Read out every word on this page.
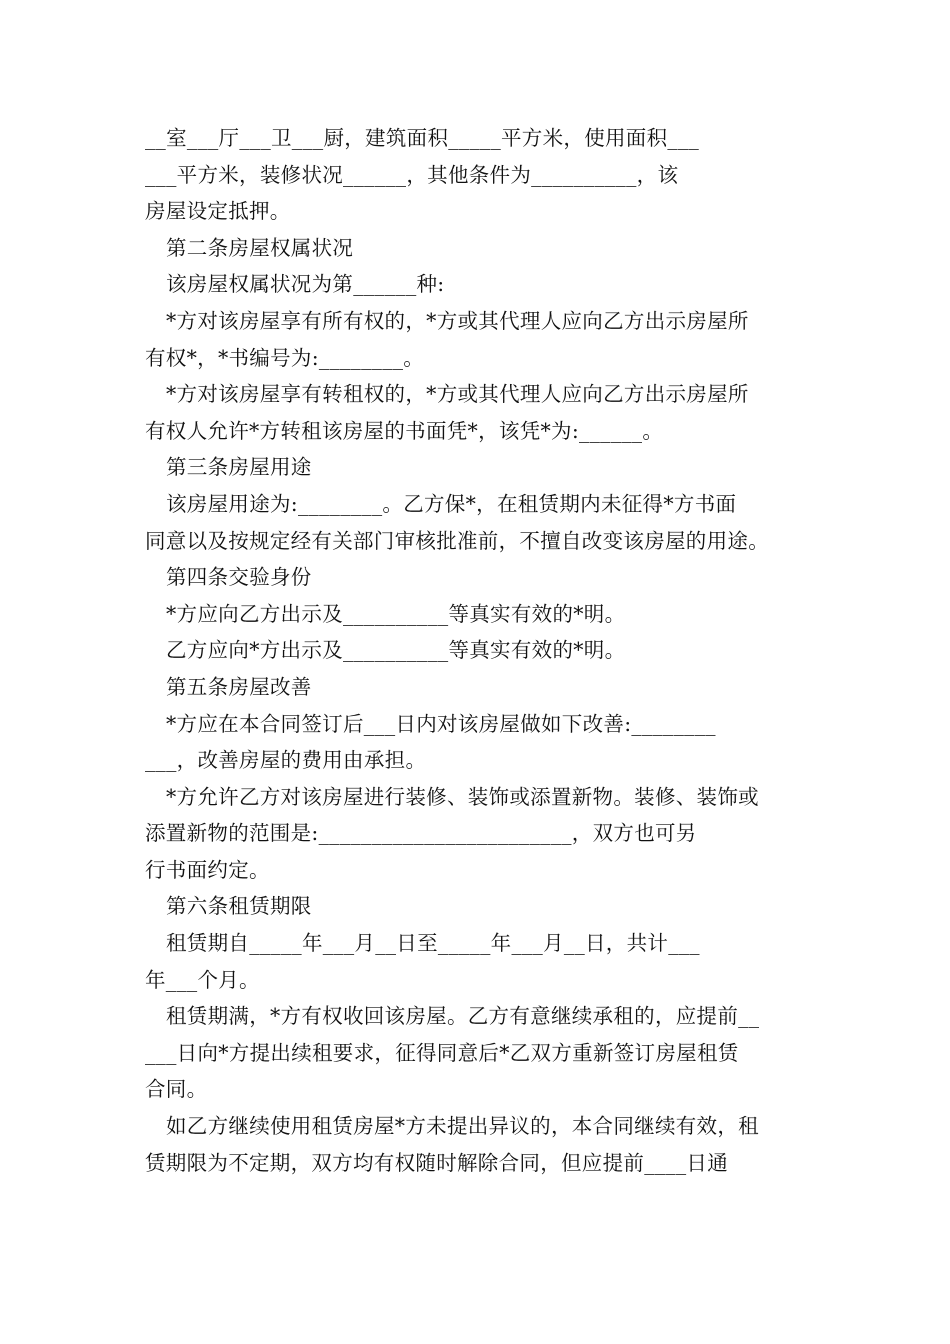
__室___厅___卫___厨，建筑面积_____平方米，使用面积___
___平方米，装修状况______，其他条件为__________，该
房屋设定抵押。
第二条房屋权属状况
该房屋权属状况为第______种:
*方对该房屋享有所有权的，*方或其代理人应向乙方出示房屋所
有权*，*书编号为:________。
*方对该房屋享有转租权的，*方或其代理人应向乙方出示房屋所
有权人允许*方转租该房屋的书面凭*，该凭*为:______。
第三条房屋用途
该房屋用途为:________。乙方保*，在租赁期内未征得*方书面
同意以及按规定经有关部门审核批准前，不擅自改变该房屋的用途。
第四条交验身份
*方应向乙方出示及__________等真实有效的*明。
乙方应向*方出示及__________等真实有效的*明。
第五条房屋改善
*方应在本合同签订后___日内对该房屋做如下改善:________
___，改善房屋的费用由承担。
*方允许乙方对该房屋进行装修、装饰或添置新物。装修、装饰或
添置新物的范围是:________________________，双方也可另
行书面约定。
第六条租赁期限
租赁期自_____年___月__日至_____年___月__日，共计___
年___个月。
租赁期满，*方有权收回该房屋。乙方有意继续承租的，应提前__
___日向*方提出续租要求，征得同意后*乙双方重新签订房屋租赁
合同。
如乙方继续使用租赁房屋*方未提出异议的，本合同继续有效，租
赁期限为不定期，双方均有权随时解除合同，但应提前____日通
